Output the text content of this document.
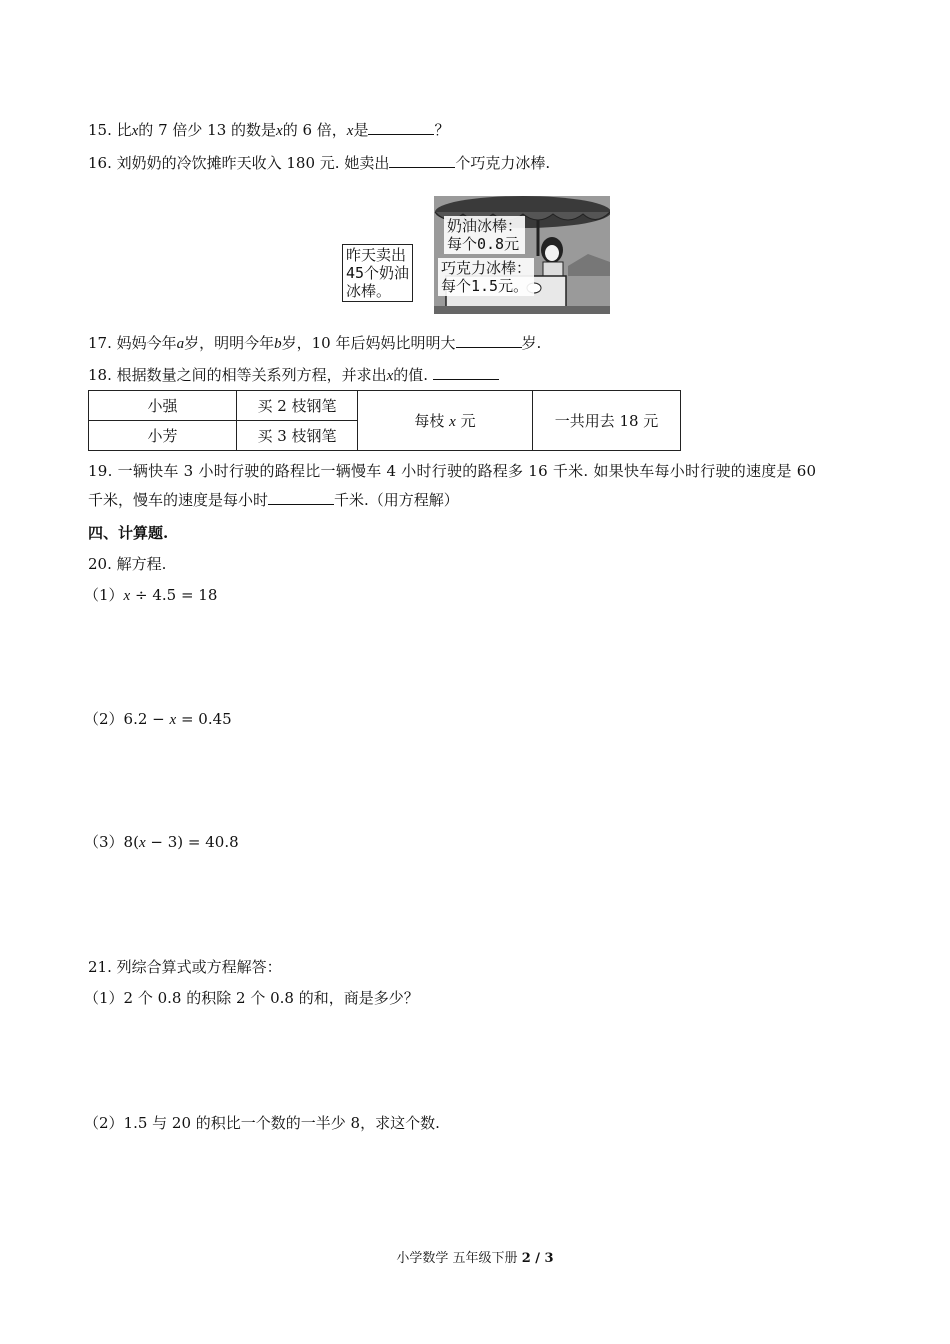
15. 比x的 7 倍少 13 的数是x的 6 倍，x是	？
16. 刘奶奶的冷饮摊昨天收入 180 元. 她卖出	个巧克力冰棒.
昨天卖出
45个奶油
冰棒。
奶油冰棒：
每个0.8元
巧克力冰棒：
每个1.5元。
17. 妈妈今年a岁，明明今年b岁，10 年后妈妈比明明大	岁.
18. 根据数量之间的相等关系列方程，并求出x的值.
小强	买 2 枝钢笔	每枝 x 元	一共用去 18 元
小芳	买 3 枝钢笔		
19. 一辆快车 3 小时行驶的路程比一辆慢车 4 小时行驶的路程多 16 千米. 如果快车每小时行驶的速度是 60
千米，慢车的速度是每小时	千米.（用方程解）
四、计算题.
20. 解方程.
（1）x ÷ 4.5 = 18
（2）6.2 − x = 0.45
（3）8(x − 3) = 40.8
21. 列综合算式或方程解答：
（1）2 个 0.8 的积除 2 个 0.8 的和，商是多少？
（2）1.5 与 20 的积比一个数的一半少 8，求这个数.
小学数学 五年级下册 2 / 3
